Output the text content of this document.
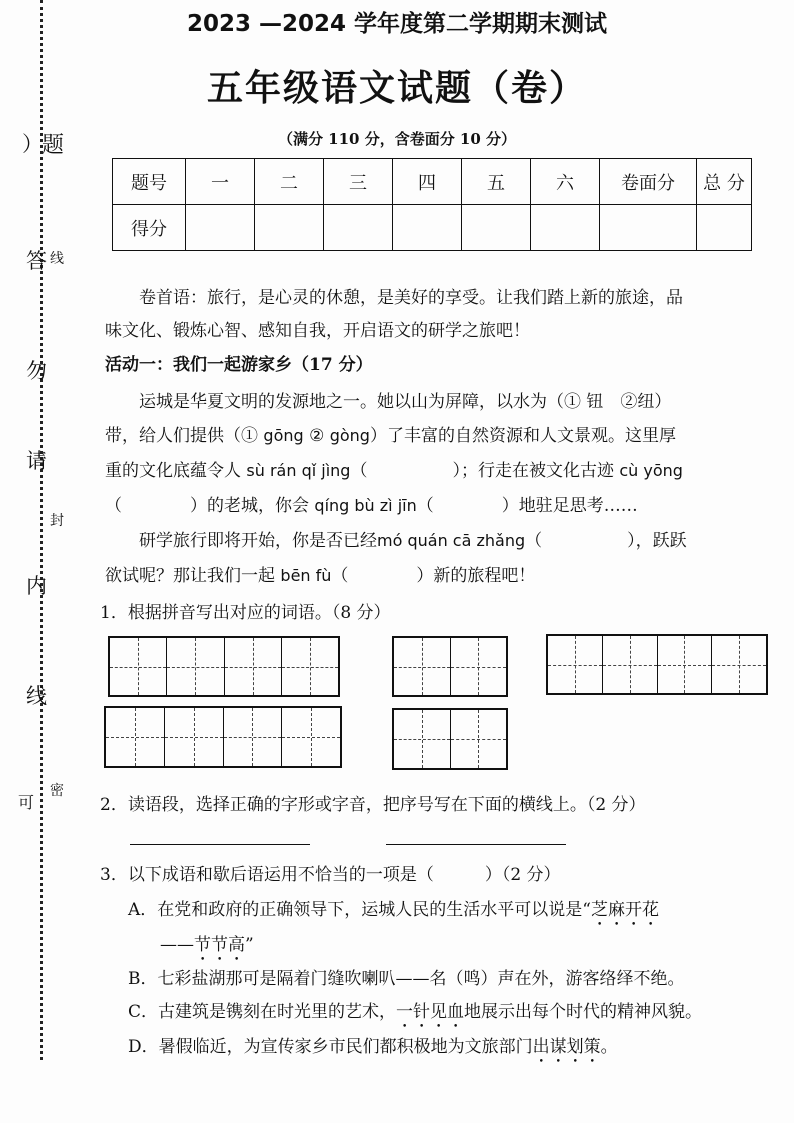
） 题
答
勿
请
内
线
线
封
密
可
2023 —2024 学年度第二学期期末测试
五年级语文试题（卷）
（满分 110 分，含卷面分 10 分）
题号	一	二	三	四	五	六	卷面分	总 分
得分								
卷首语：旅行，是心灵的休憩，是美好的享受。让我们踏上新的旅途，品
味文化、锻炼心智、感知自我，开启语文的研学之旅吧！
活动一：我们一起游家乡（17 分）
运城是华夏文明的发源地之一。她以山为屏障，以水为（① 钮　②纽）
带，给人们提供（① gōng ② gòng）了丰富的自然资源和人文景观。这里厚
重的文化底蕴令人 sù rán qǐ jìng（　　　　　）；行走在被文化古迹 cù yōng
（　　　　）的老城，你会 qíng bù zì jīn（　　　　）地驻足思考……
研学旅行即将开始，你是否已经mó quán cā zhǎng（　　　　　），跃跃
欲试呢？那让我们一起 bēn fù（　　　　）新的旅程吧！
1．根据拼音写出对应的词语。（8 分）
2．读语段，选择正确的字形或字音，把序号写在下面的横线上。（2 分）
3．以下成语和歇后语运用不恰当的一项是（　　　）（2 分）
A．在党和政府的正确领导下，运城人民的生活水平可以说是“芝麻开花
——节节高”
B．七彩盐湖那可是隔着门缝吹喇叭——名（鸣）声在外，游客络绎不绝。
C．古建筑是镌刻在时光里的艺术，一针见血地展示出每个时代的精神风貌。
D．暑假临近，为宣传家乡市民们都积极地为文旅部门出谋划策。
